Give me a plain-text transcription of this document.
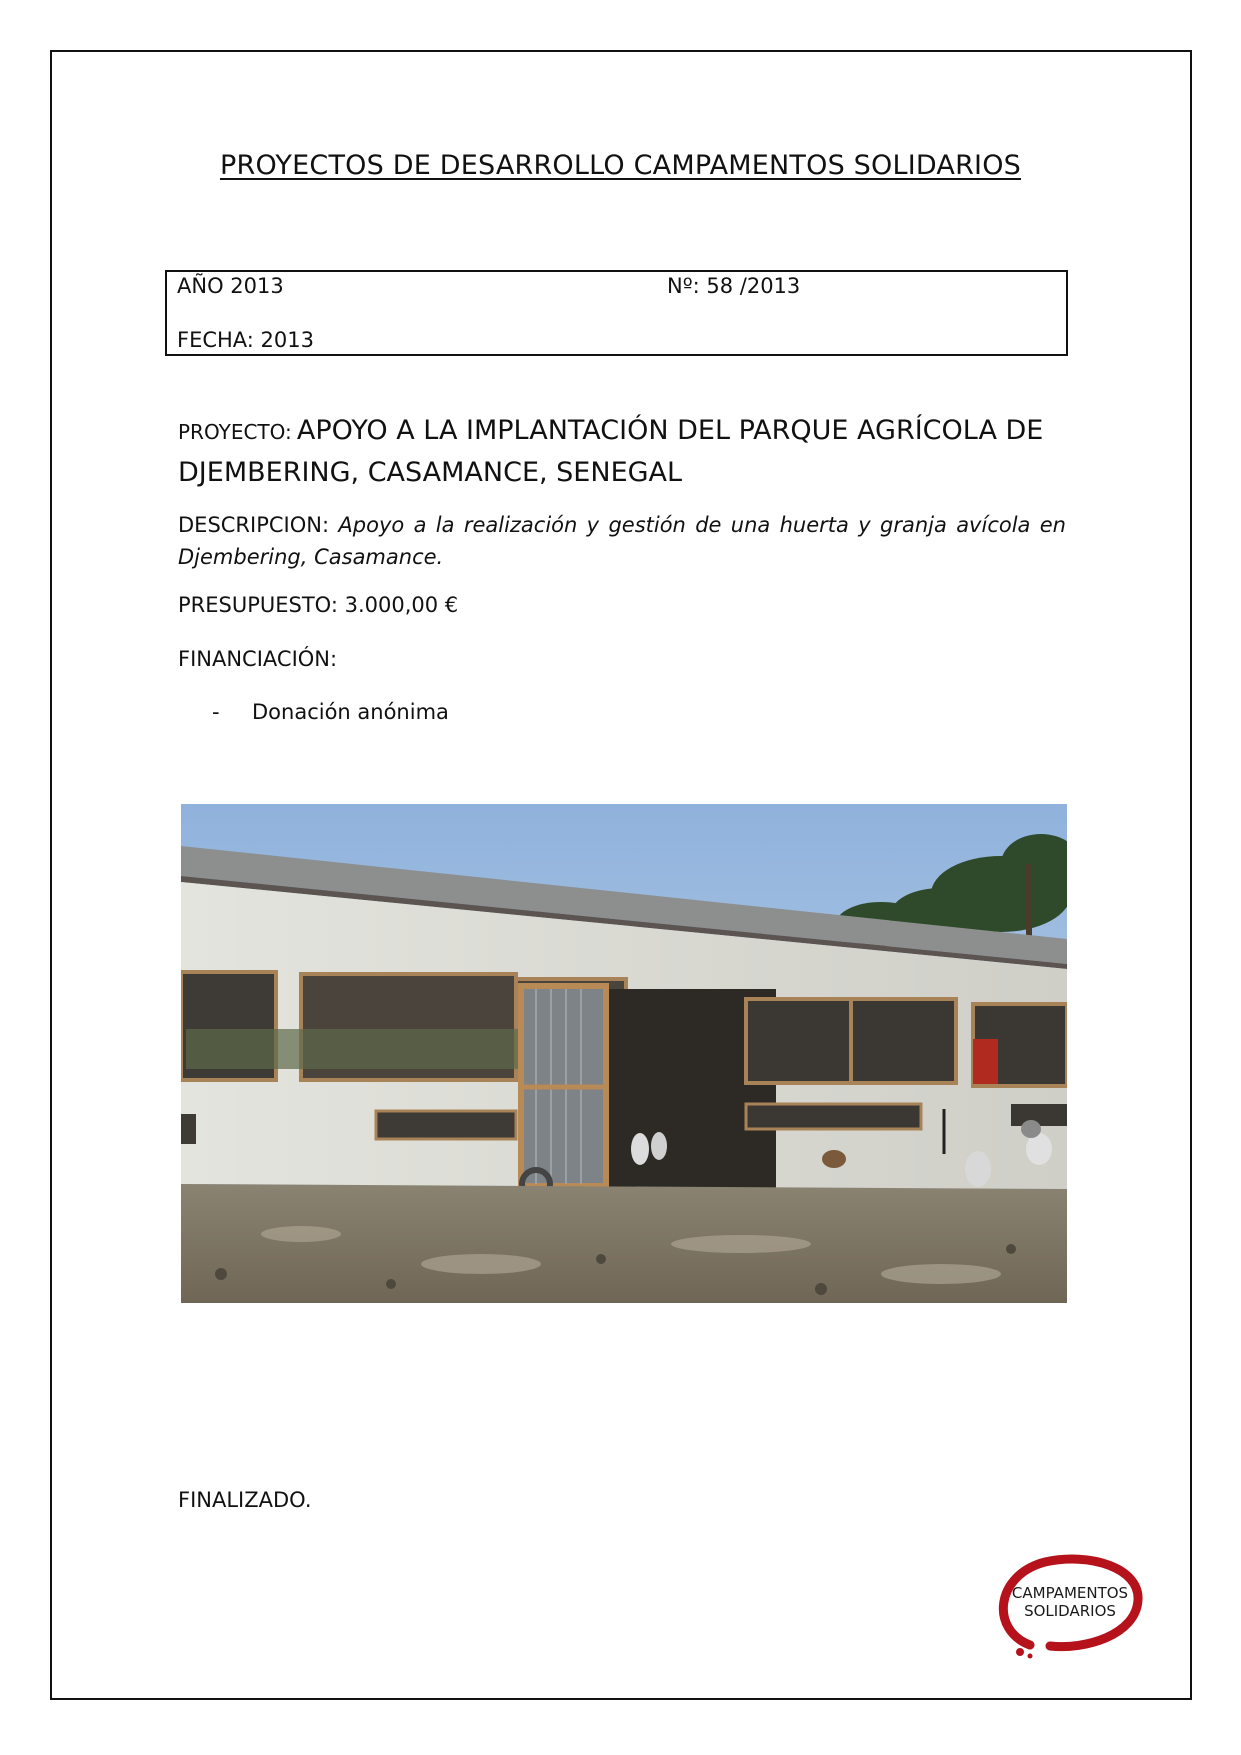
PROYECTOS DE DESARROLLO CAMPAMENTOS SOLIDARIOS
AÑO 2013	Nº: 58 /2013
FECHA: 2013
PROYECTO: APOYO A LA IMPLANTACIÓN DEL PARQUE AGRÍCOLA DE DJEMBERING, CASAMANCE, SENEGAL
DESCRIPCION: Apoyo a la realización y gestión de una huerta y granja avícola en Djembering, Casamance.
PRESUPUESTO: 3.000,00 €
FINANCIACIÓN:
- Donación anónima
FINALIZADO.
CAMPAMENTOS
SOLIDARIOS
